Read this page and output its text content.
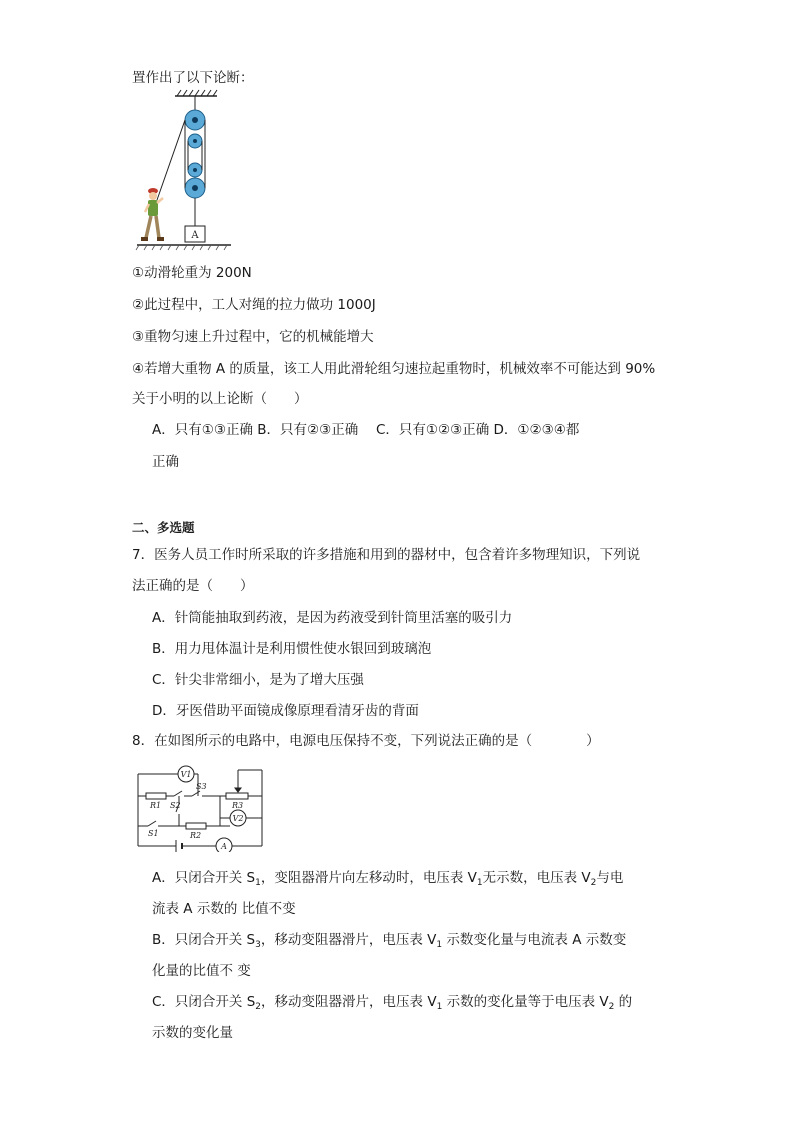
置作出了以下论断：
A
①动滑轮重为 200N
②此过程中，工人对绳的拉力做功 1000J
③重物匀速上升过程中，它的机械能增大
④若增大重物 A 的质量，该工人用此滑轮组匀速拉起重物时，机械效率不可能达到 90%
关于小明的以上论断（　　）
A．只有①③正确 B．只有②③正确　 C．只有①②③正确 D．①②③④都
正确
二、多选题
7．医务人员工作时所采取的许多措施和用到的器材中，包含着许多物理知识，下列说
法正确的是（　　）
A．针筒能抽取到药液，是因为药液受到针筒里活塞的吸引力
B．用力甩体温计是利用惯性使水银回到玻璃泡
C．针尖非常细小，是为了增大压强
D．牙医借助平面镜成像原理看清牙齿的背面
8．在如图所示的电路中，电源电压保持不变，下列说法正确的是（　　　　）
V1
V2
A
R1
R2
R3
S1
S2
S3
A．只闭合开关 $S_1$，变阻器滑片向左移动时，电压表 $V_1$无示数，电压表 $V_2$与电
流表 A 示数的 比值不变
B．只闭合开关 $S_3$，移动变阻器滑片，电压表 $V_1$ 示数变化量与电流表 A 示数变
化量的比值不 变
C．只闭合开关 $S_2$，移动变阻器滑片，电压表 $V_1$ 示数的变化量等于电压表 $V_2$ 的
示数的变化量
